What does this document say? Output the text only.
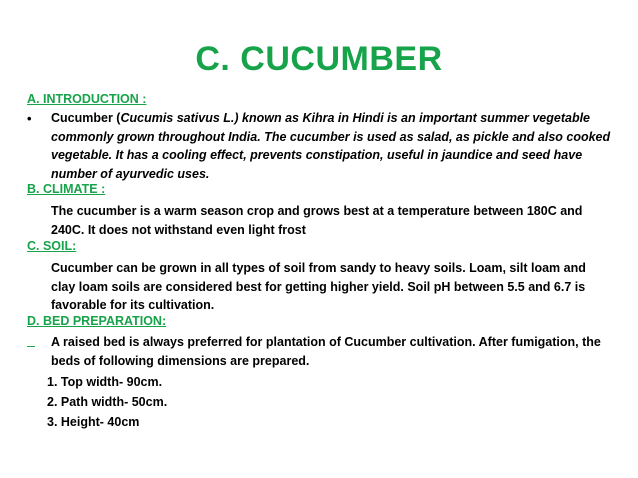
C. CUCUMBER
A. INTRODUCTION :
• Cucumber (Cucumis sativus L.) known as Kihra in Hindi is an important summer vegetable commonly grown throughout India. The cucumber is used as salad, as pickle and also cooked vegetable. It has a cooling effect, prevents constipation, useful in jaundice and seed have number of ayurvedic uses.
B. CLIMATE :
The cucumber is a warm season crop and grows best at a temperature between 180C and 240C. It does not withstand even light frost
C. SOIL:
Cucumber can be grown in all types of soil from sandy to heavy soils. Loam, silt loam and clay loam soils are considered best for getting higher yield. Soil pH between 5.5 and 6.7 is favorable for its cultivation.
D. BED PREPARATION:
A raised bed is always preferred for plantation of Cucumber cultivation. After fumigation, the beds of following dimensions are prepared.
1. Top width- 90cm.
2. Path width- 50cm.
3. Height- 40cm
